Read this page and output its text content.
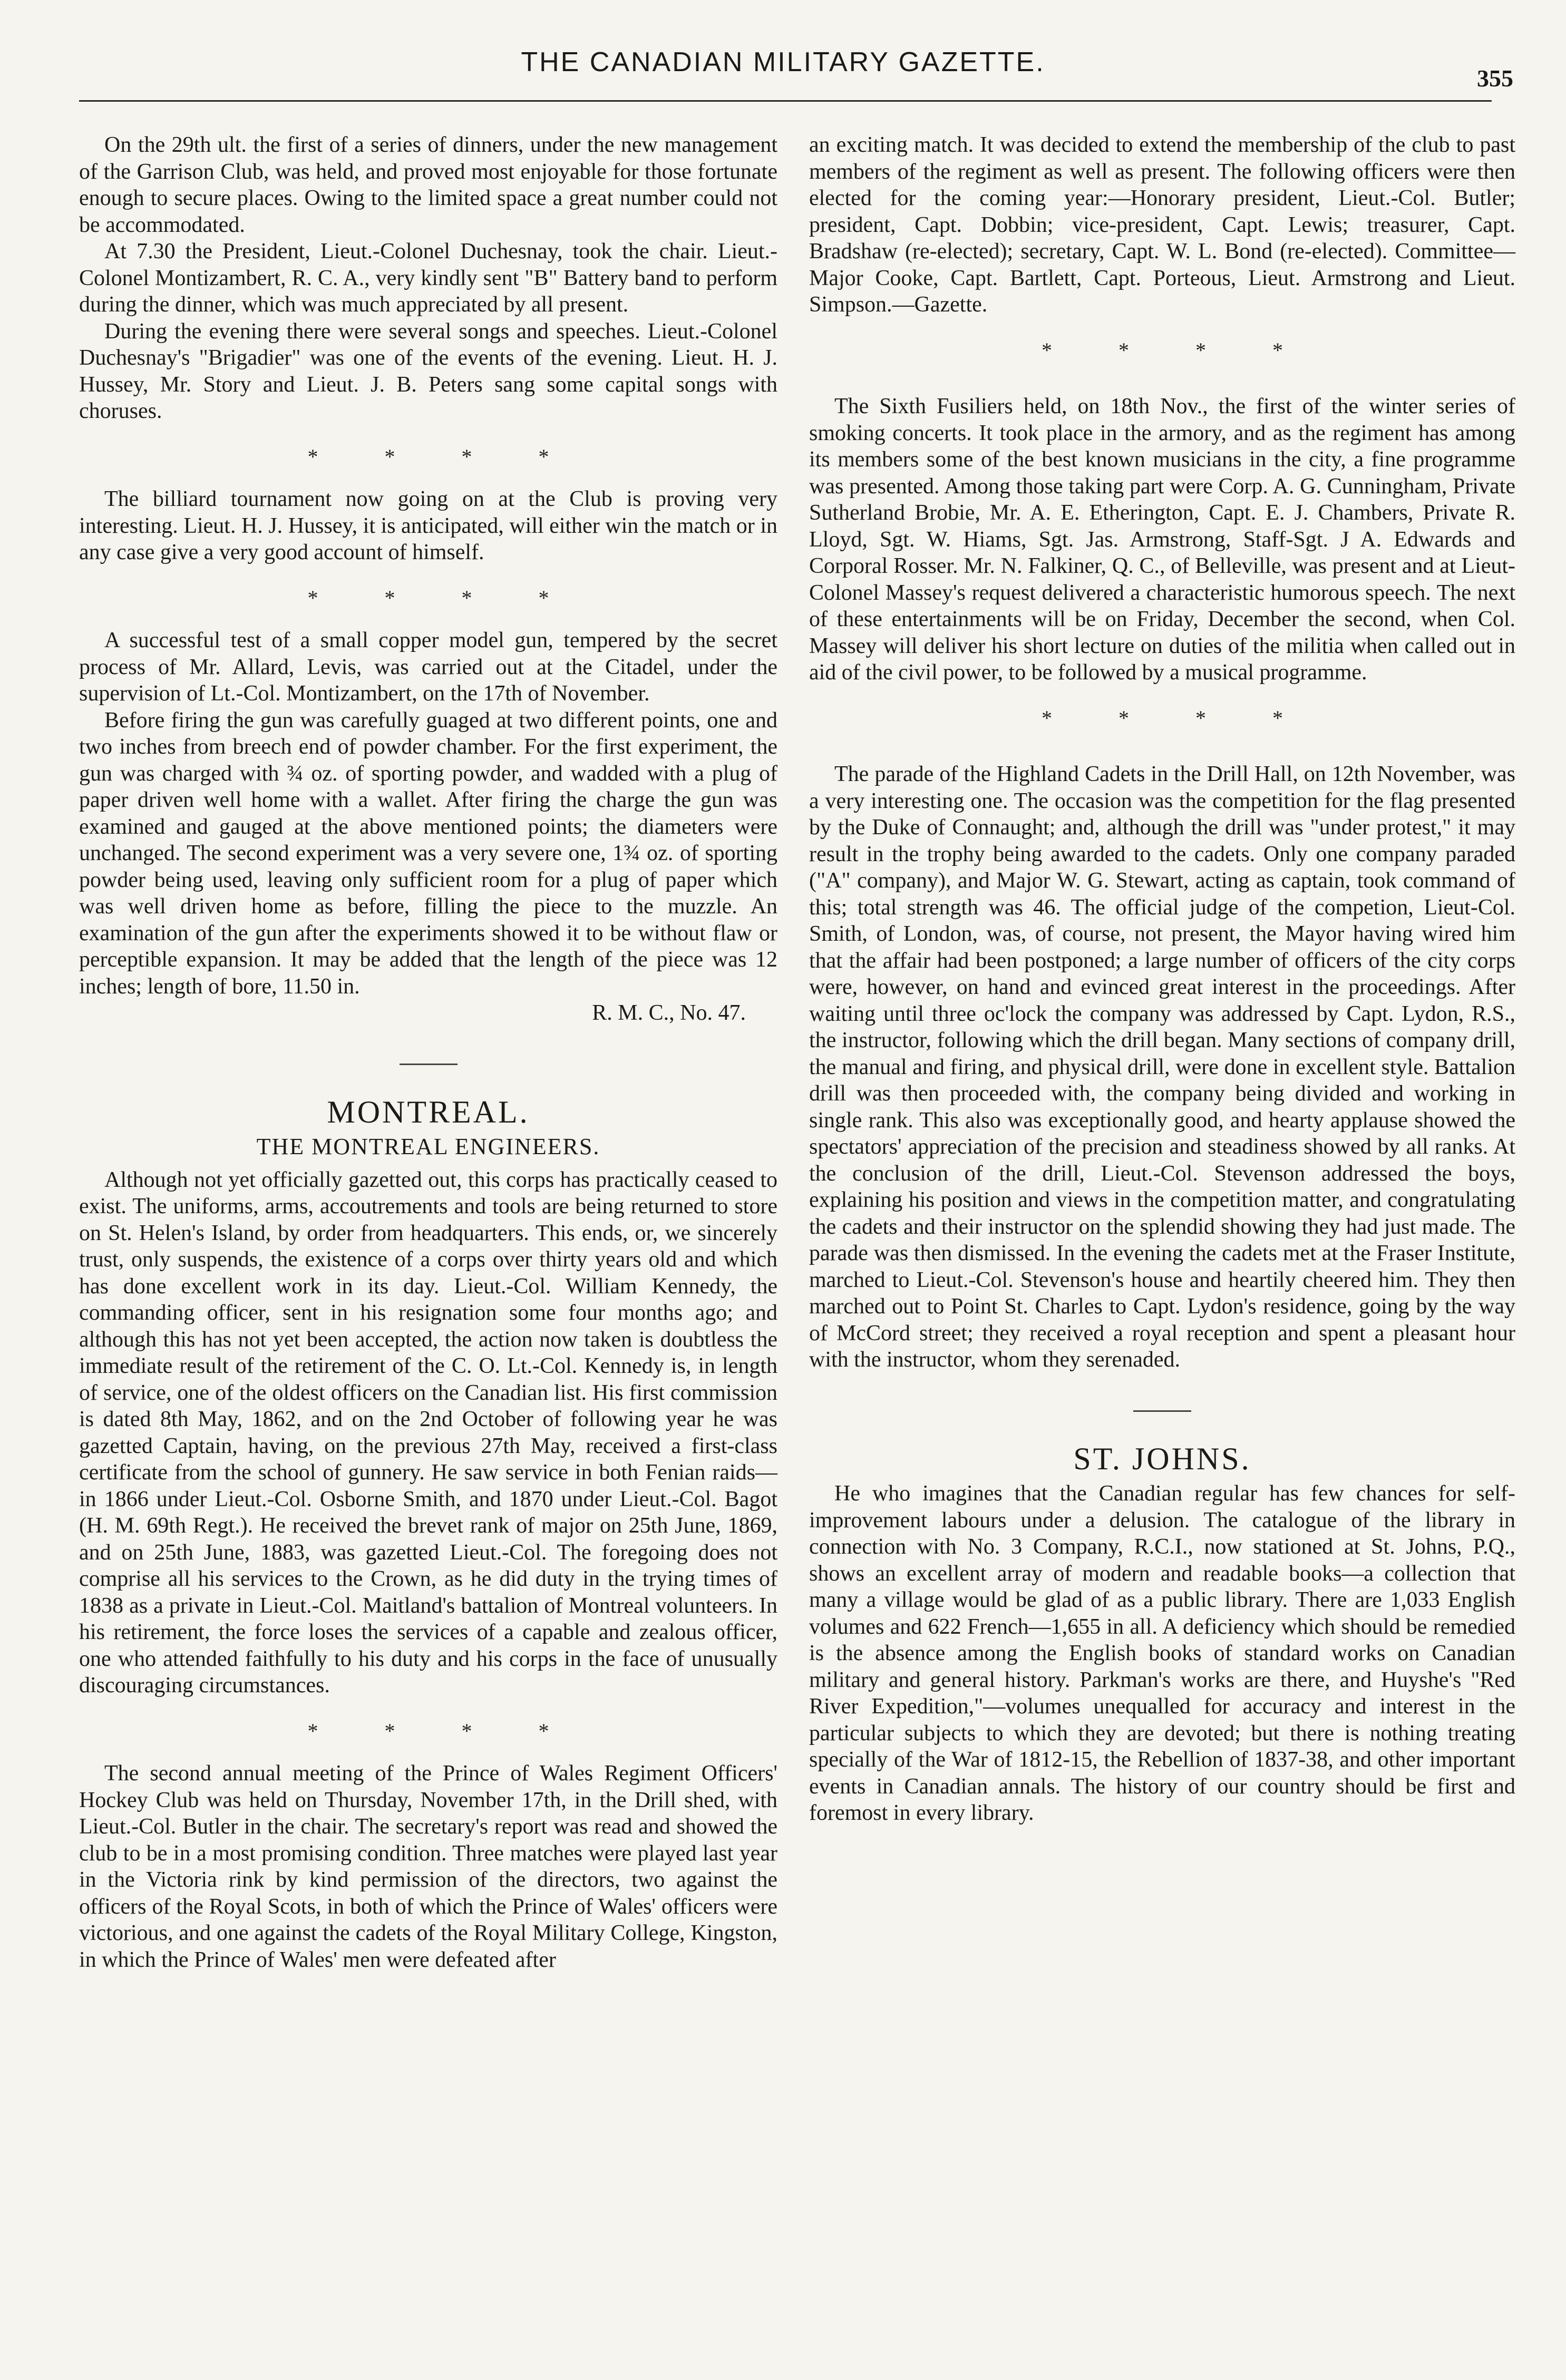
THE CANADIAN MILITARY GAZETTE.
355

On the 29th ult. the first of a series of dinners, under the new management of the Garrison Club, was held, and proved most enjoyable for those fortunate enough to secure places. Owing to the limited space a great number could not be accommodated.

At 7.30 the President, Lieut.-Colonel Duchesnay, took the chair. Lieut.-Colonel Montizambert, R. C. A., very kindly sent "B" Battery band to perform during the dinner, which was much appreciated by all present.

During the evening there were several songs and speeches. Lieut.-Colonel Duchesnay's "Brigadier" was one of the events of the evening. Lieut. H. J. Hussey, Mr. Story and Lieut. J. B. Peters sang some capital songs with choruses.

* * * *

The billiard tournament now going on at the Club is proving very interesting. Lieut. H. J. Hussey, it is anticipated, will either win the match or in any case give a very good account of himself.

* * * *

A successful test of a small copper model gun, tempered by the secret process of Mr. Allard, Levis, was carried out at the Citadel, under the supervision of Lt.-Col. Montizambert, on the 17th of November.

Before firing the gun was carefully guaged at two different points, one and two inches from breech end of powder chamber. For the first experiment, the gun was charged with ¾ oz. of sporting powder, and wadded with a plug of paper driven well home with a wallet. After firing the charge the gun was examined and gauged at the above mentioned points; the diameters were unchanged. The second experiment was a very severe one, 1¾ oz. of sporting powder being used, leaving only sufficient room for a plug of paper which was well driven home as before, filling the piece to the muzzle. An examination of the gun after the experiments showed it to be without flaw or perceptible expansion. It may be added that the length of the piece was 12 inches; length of bore, 11.50 in.

R. M. C., No. 47.

MONTREAL.
THE MONTREAL ENGINEERS.

Although not yet officially gazetted out, this corps has practically ceased to exist. The uniforms, arms, accoutrements and tools are being returned to store on St. Helen's Island, by order from headquarters. This ends, or, we sincerely trust, only suspends, the existence of a corps over thirty years old and which has done excellent work in its day. Lieut.-Col. William Kennedy, the commanding officer, sent in his resignation some four months ago; and although this has not yet been accepted, the action now taken is doubtless the immediate result of the retirement of the C. O. Lt.-Col. Kennedy is, in length of service, one of the oldest officers on the Canadian list. His first commission is dated 8th May, 1862, and on the 2nd October of following year he was gazetted Captain, having, on the previous 27th May, received a first-class certificate from the school of gunnery. He saw service in both Fenian raids—in 1866 under Lieut.-Col. Osborne Smith, and 1870 under Lieut.-Col. Bagot (H. M. 69th Regt.). He received the brevet rank of major on 25th June, 1869, and on 25th June, 1883, was gazetted Lieut.-Col. The foregoing does not comprise all his services to the Crown, as he did duty in the trying times of 1838 as a private in Lieut.-Col. Maitland's battalion of Montreal volunteers. In his retirement, the force loses the services of a capable and zealous officer, one who attended faithfully to his duty and his corps in the face of unusually discouraging circumstances.

* * * *

The second annual meeting of the Prince of Wales Regiment Officers' Hockey Club was held on Thursday, November 17th, in the Drill shed, with Lieut.-Col. Butler in the chair. The secretary's report was read and showed the club to be in a most promising condition. Three matches were played last year in the Victoria rink by kind permission of the directors, two against the officers of the Royal Scots, in both of which the Prince of Wales' officers were victorious, and one against the cadets of the Royal Military College, Kingston, in which the Prince of Wales' men were defeated after

an exciting match. It was decided to extend the membership of the club to past members of the regiment as well as present. The following officers were then elected for the coming year:—Honorary president, Lieut.-Col. Butler; president, Capt. Dobbin; vice-president, Capt. Lewis; treasurer, Capt. Bradshaw (re-elected); secretary, Capt. W. L. Bond (re-elected). Committee—Major Cooke, Capt. Bartlett, Capt. Porteous, Lieut. Armstrong and Lieut. Simpson.—Gazette.

* * * *

The Sixth Fusiliers held, on 18th Nov., the first of the winter series of smoking concerts. It took place in the armory, and as the regiment has among its members some of the best known musicians in the city, a fine programme was presented. Among those taking part were Corp. A. G. Cunningham, Private Sutherland Brobie, Mr. A. E. Etherington, Capt. E. J. Chambers, Private R. Lloyd, Sgt. W. Hiams, Sgt. Jas. Armstrong, Staff-Sgt. J A. Edwards and Corporal Rosser. Mr. N. Falkiner, Q. C., of Belleville, was present and at Lieut-Colonel Massey's request delivered a characteristic humorous speech. The next of these entertainments will be on Friday, December the second, when Col. Massey will deliver his short lecture on duties of the militia when called out in aid of the civil power, to be followed by a musical programme.

* * * *

The parade of the Highland Cadets in the Drill Hall, on 12th November, was a very interesting one. The occasion was the competition for the flag presented by the Duke of Connaught; and, although the drill was "under protest," it may result in the trophy being awarded to the cadets. Only one company paraded ("A" company), and Major W. G. Stewart, acting as captain, took command of this; total strength was 46. The official judge of the competion, Lieut-Col. Smith, of London, was, of course, not present, the Mayor having wired him that the affair had been postponed; a large number of officers of the city corps were, however, on hand and evinced great interest in the proceedings. After waiting until three oc'lock the company was addressed by Capt. Lydon, R.S., the instructor, following which the drill began. Many sections of company drill, the manual and firing, and physical drill, were done in excellent style. Battalion drill was then proceeded with, the company being divided and working in single rank. This also was exceptionally good, and hearty applause showed the spectators' appreciation of the precision and steadiness showed by all ranks. At the conclusion of the drill, Lieut.-Col. Stevenson addressed the boys, explaining his position and views in the competition matter, and congratulating the cadets and their instructor on the splendid showing they had just made. The parade was then dismissed. In the evening the cadets met at the Fraser Institute, marched to Lieut.-Col. Stevenson's house and heartily cheered him. They then marched out to Point St. Charles to Capt. Lydon's residence, going by the way of McCord street; they received a royal reception and spent a pleasant hour with the instructor, whom they serenaded.

ST. JOHNS.

He who imagines that the Canadian regular has few chances for self-improvement labours under a delusion. The catalogue of the library in connection with No. 3 Company, R.C.I., now stationed at St. Johns, P.Q., shows an excellent array of modern and readable books—a collection that many a village would be glad of as a public library. There are 1,033 English volumes and 622 French—1,655 in all. A deficiency which should be remedied is the absence among the English books of standard works on Canadian military and general history. Parkman's works are there, and Huyshe's "Red River Expedition,"—volumes unequalled for accuracy and interest in the particular subjects to which they are devoted; but there is nothing treating specially of the War of 1812-15, the Rebellion of 1837-38, and other important events in Canadian annals. The history of our country should be first and foremost in every library.
